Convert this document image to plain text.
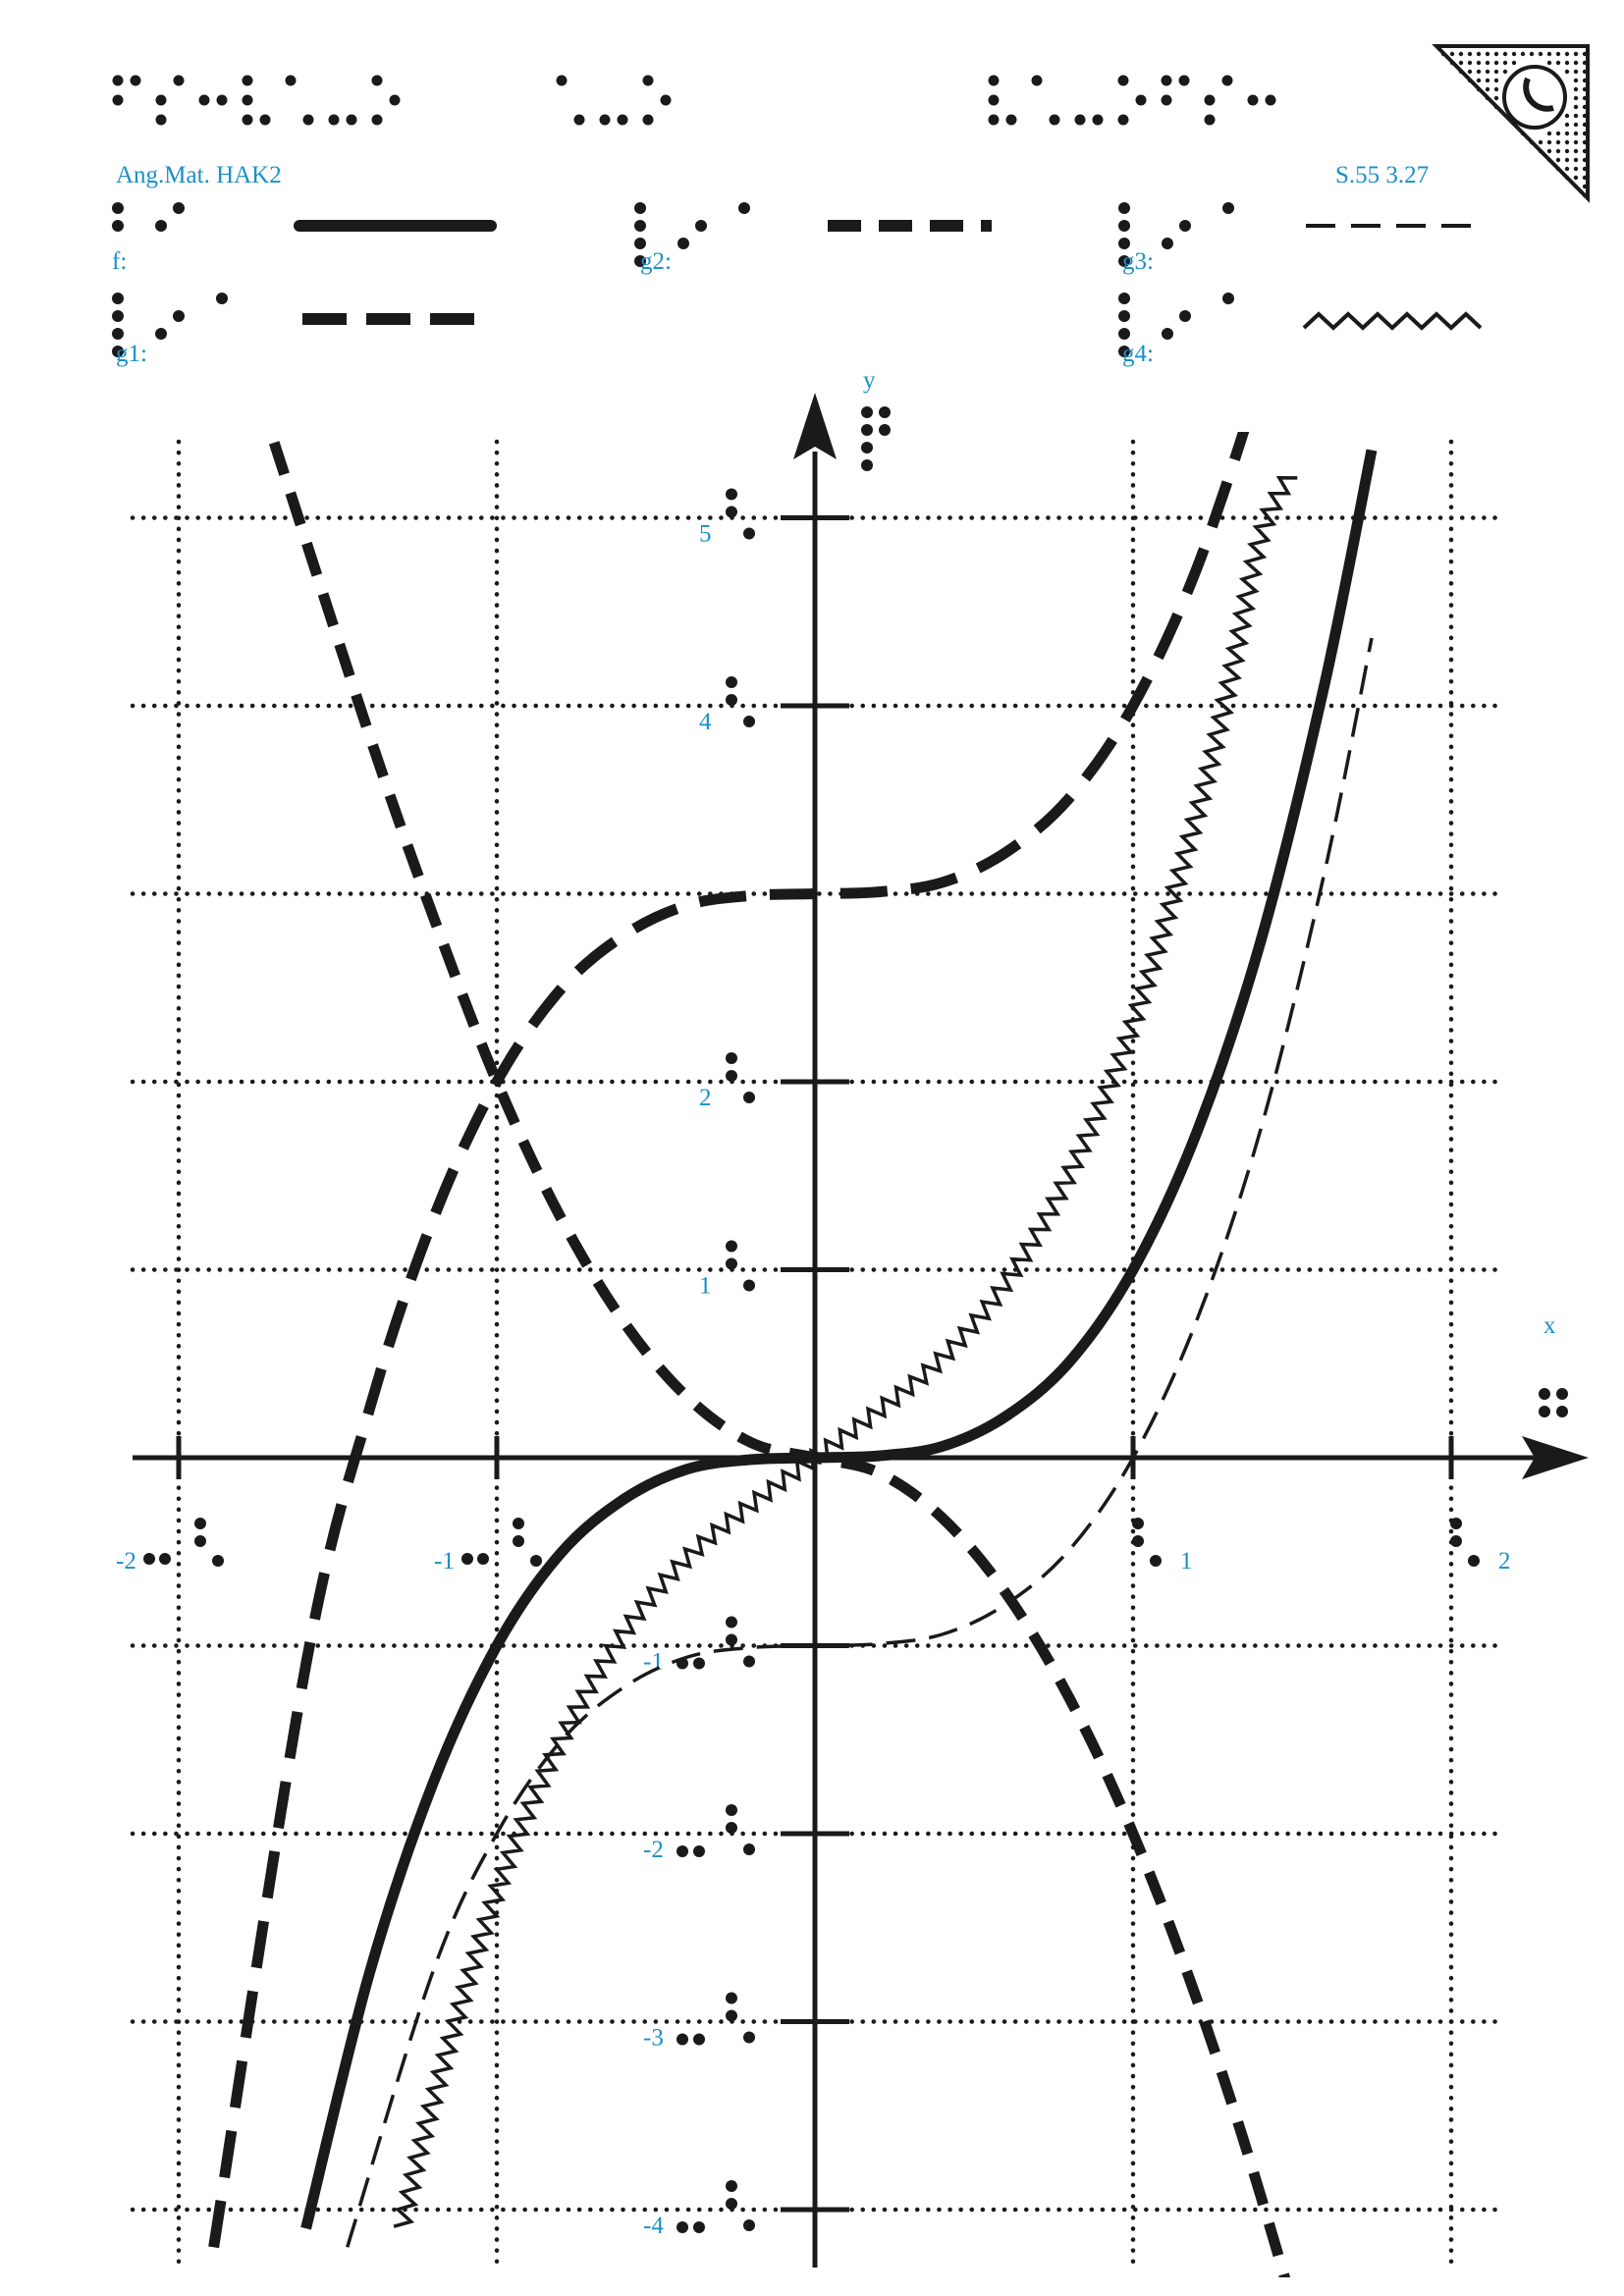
Ang.Mat. HAK2	S.55 3.27
f:
g1:
g2:	g3:
g4:
-2	-1	1	2
5
4
2
1
-1
-2
-3
-4
x
y
